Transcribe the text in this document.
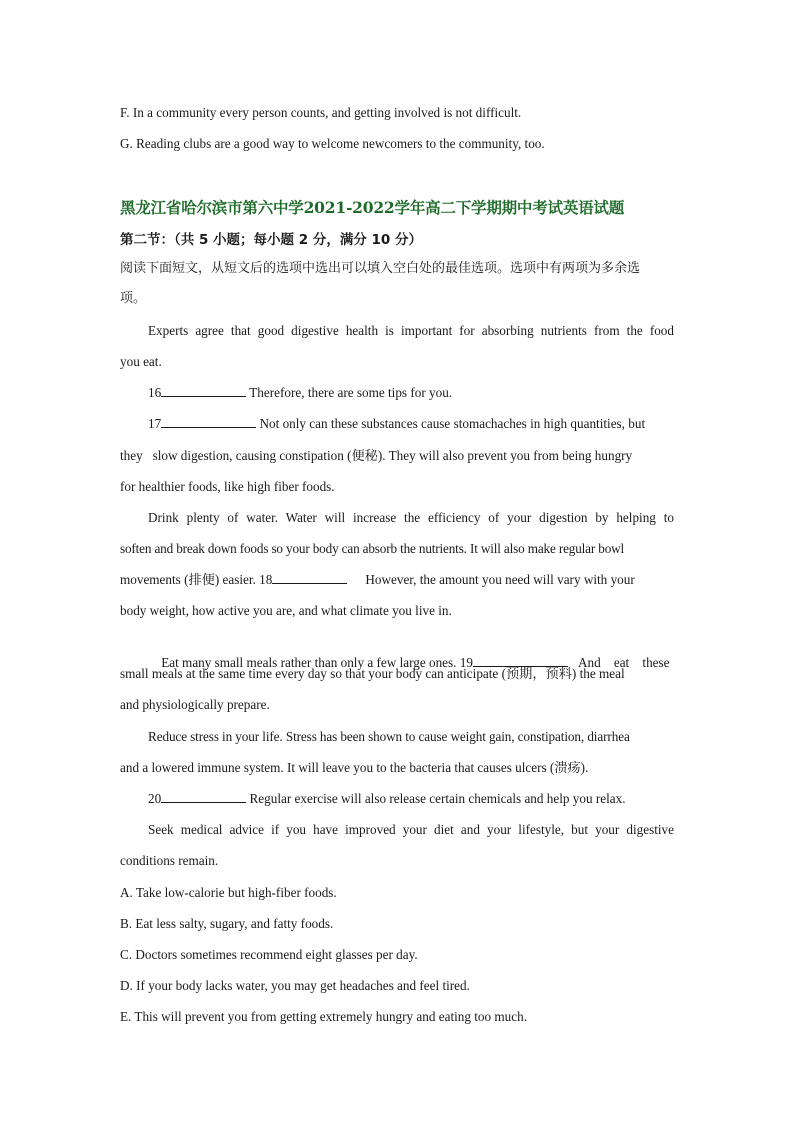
F. In a community every person counts, and getting involved is not difficult.
G. Reading clubs are a good way to welcome newcomers to the community, too.
黑龙江省哈尔滨市第六中学2021-2022学年高二下学期期中考试英语试题
第二节：（共 5 小题；每小题 2 分，满分 10 分）
阅读下面短文，从短文后的选项中选出可以填入空白处的最佳选项。选项中有两项为多余选
项。
Experts agree that good digestive health is important for absorbing nutrients from the food
you eat.
16	Therefore, there are some tips for you.
17	Not only can these substances cause stomachaches in high quantities, but
they   slow digestion, causing constipation (便秘). They will also prevent you from being hungry
for healthier foods, like high fiber foods.
Drink plenty of water. Water will increase the efficiency of your digestion by helping to
soften and break down foods so your body can absorb the nutrients. It will also make regular bowl
movements (排便) easier. 18	However, the amount you need will vary with your
body weight, how active you are, and what climate you live in.

Eat many small meals rather than only a few large ones. 19	And    eat    these

small meals at the same time every day so that your body can anticipate (预期，预料) the meal
and physiologically prepare.
Reduce stress in your life. Stress has been shown to cause weight gain, constipation, diarrhea
and a lowered immune system. It will leave you to the bacteria that causes ulcers (溃疡).
20	Regular exercise will also release certain chemicals and help you relax.
Seek medical advice if you have improved your diet and your lifestyle, but your digestive
conditions remain.
A. Take low-calorie but high-fiber foods.
B. Eat less salty, sugary, and fatty foods.
C. Doctors sometimes recommend eight glasses per day.
D. If your body lacks water, you may get headaches and feel tired.
E. This will prevent you from getting extremely hungry and eating too much.
